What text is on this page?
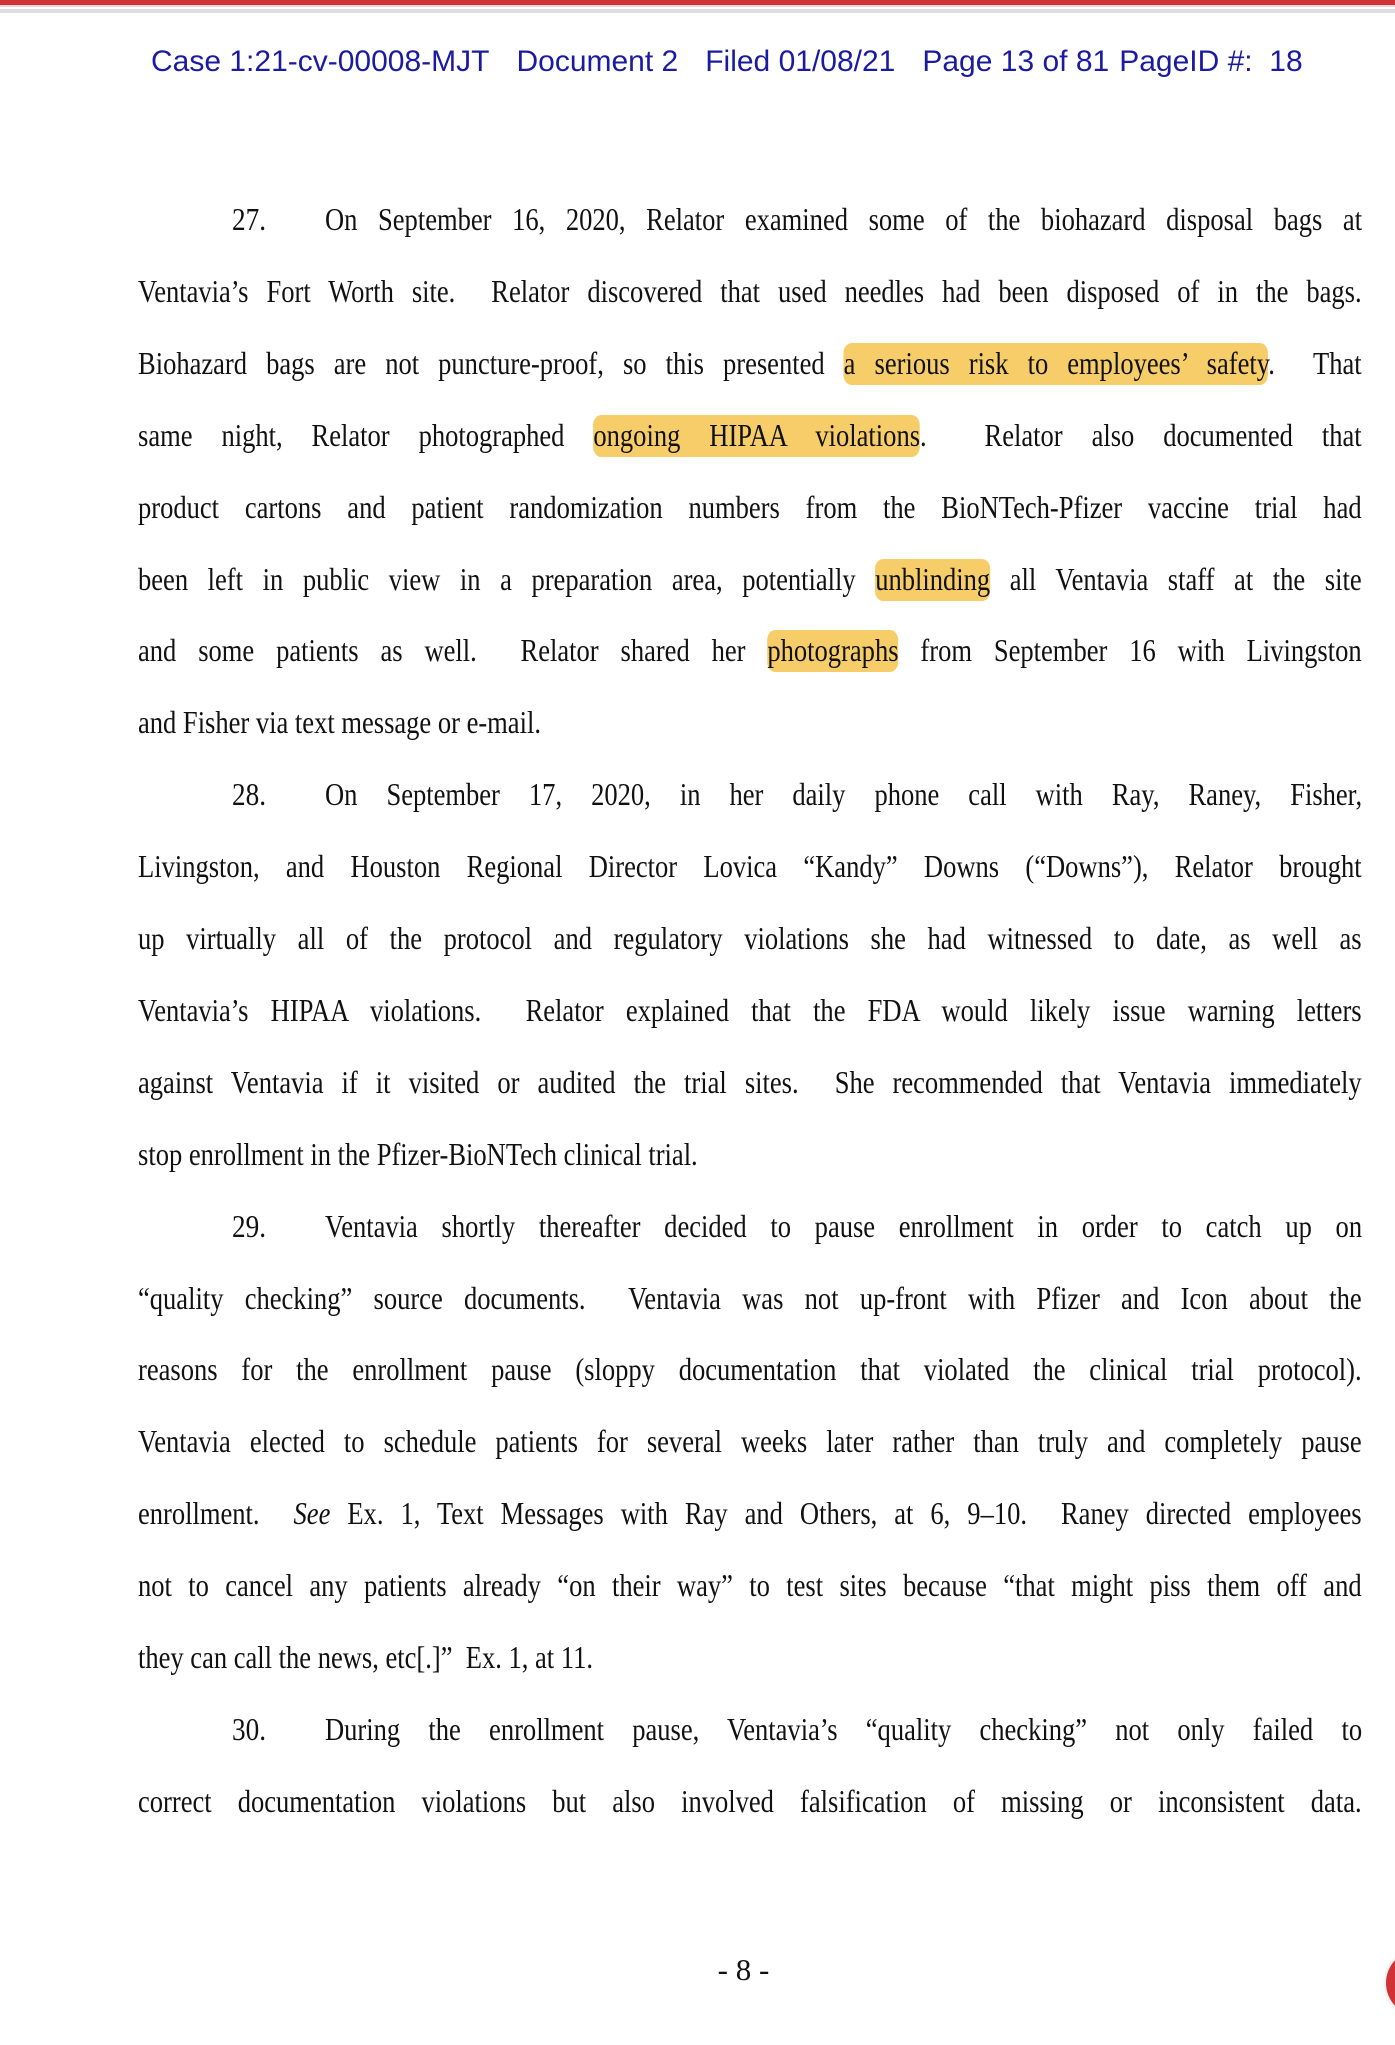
Case 1:21-cv-00008-MJT Document 2 Filed 01/08/21 Page 13 of 81 PageID #:  18
27. On September 16, 2020, Relator examined some of the biohazard disposal bags at
Ventavia’s Fort Worth site.  Relator discovered that used needles had been disposed of in the bags.
Biohazard bags are not puncture-proof, so this presented a serious risk to employees’ safety.  That
same night, Relator photographed ongoing HIPAA violations.  Relator also documented that
product cartons and patient randomization numbers from the BioNTech-Pfizer vaccine trial had
been left in public view in a preparation area, potentially unblinding all Ventavia staff at the site
and some patients as well.  Relator shared her photographs from September 16 with Livingston
and Fisher via text message or e-mail.
28. On September 17, 2020, in her daily phone call with Ray, Raney, Fisher,
Livingston, and Houston Regional Director Lovica “Kandy” Downs (“Downs”), Relator brought
up virtually all of the protocol and regulatory violations she had witnessed to date, as well as
Ventavia’s HIPAA violations.  Relator explained that the FDA would likely issue warning letters
against Ventavia if it visited or audited the trial sites.  She recommended that Ventavia immediately
stop enrollment in the Pfizer-BioNTech clinical trial.
29. Ventavia shortly thereafter decided to pause enrollment in order to catch up on
“quality checking” source documents.  Ventavia was not up-front with Pfizer and Icon about the
reasons for the enrollment pause (sloppy documentation that violated the clinical trial protocol).
Ventavia elected to schedule patients for several weeks later rather than truly and completely pause
enrollment.  See Ex. 1, Text Messages with Ray and Others, at 6, 9–10.  Raney directed employees
not to cancel any patients already “on their way” to test sites because “that might piss them off and
they can call the news, etc[.]”  Ex. 1, at 11.
30. During the enrollment pause, Ventavia’s “quality checking” not only failed to
correct documentation violations but also involved falsification of missing or inconsistent data.
- 8 -
